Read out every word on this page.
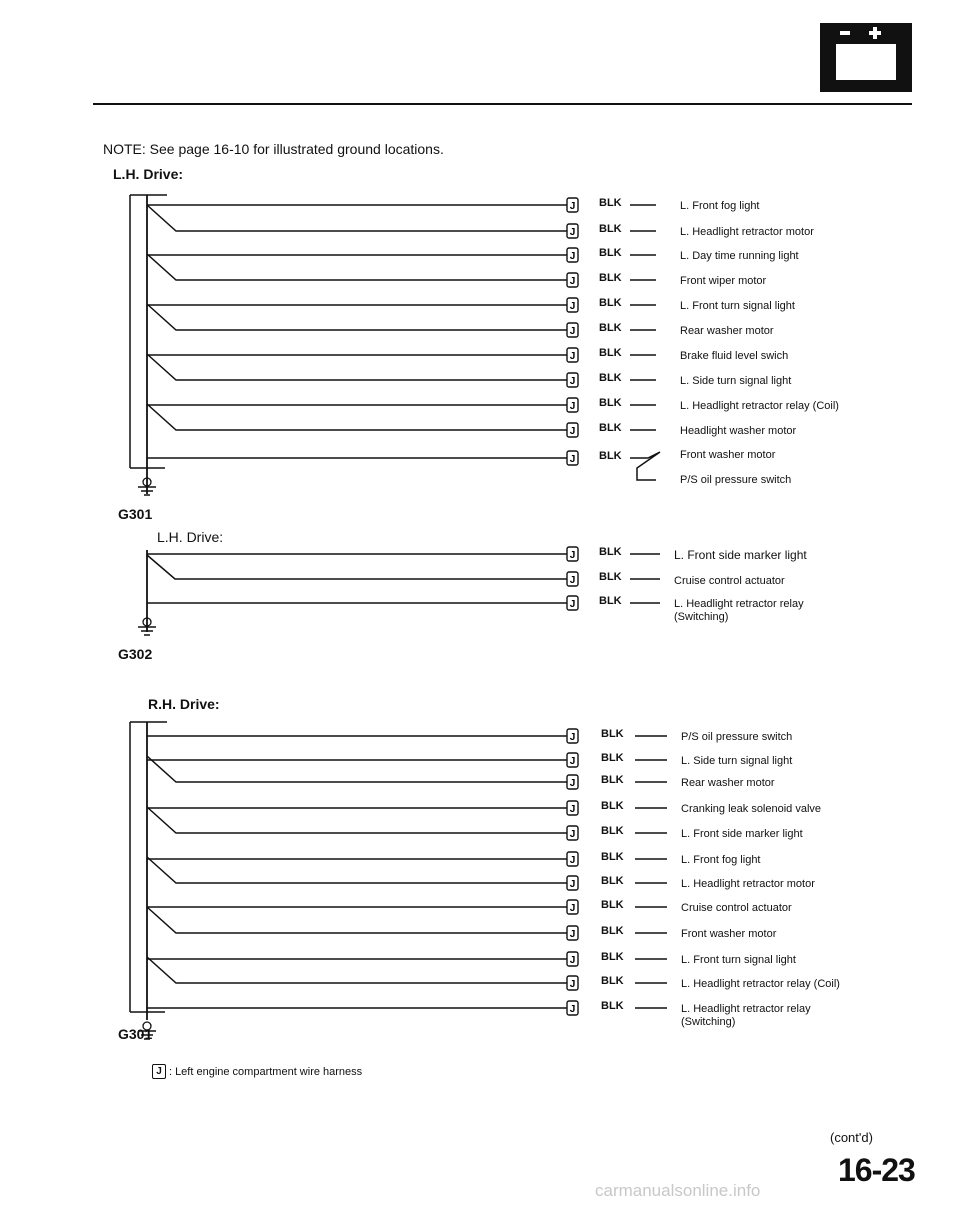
J
J
J
J
J
J
J
J
J
J
J
J
J
J
J
J
J
J
J
J
J
J
J
J
J
J
NOTE: See page 16-10 for illustrated ground locations.
L.H. Drive:
L.H. Drive:
R.H. Drive:
G301
G302
G301
BLK	L. Front fog light
BLK	L. Headlight retractor motor
BLK	L. Day time running light
BLK	Front wiper motor
BLK	L. Front turn signal light
BLK	Rear washer motor
BLK	Brake fluid level swich
BLK	L. Side turn signal light
BLK	L. Headlight retractor relay (Coil)
BLK	Headlight washer motor
BLK	Front washer motor
P/S oil pressure switch
BLK	L. Front side marker light
BLK	Cruise control actuator
BLK	L. Headlight retractor relay (Switching)
BLK	P/S oil pressure switch
BLK	L. Side turn signal light
BLK	Rear washer motor
BLK	Cranking leak solenoid valve
BLK	L. Front side marker light
BLK	L. Front fog light
BLK	L. Headlight retractor motor
BLK	Cruise control actuator
BLK	Front washer motor
BLK	L. Front turn signal light
BLK	L. Headlight retractor relay (Coil)
BLK	L. Headlight retractor relay (Switching)
J : Left engine compartment wire harness
(cont'd)
16-23
carmanualsonline.info
